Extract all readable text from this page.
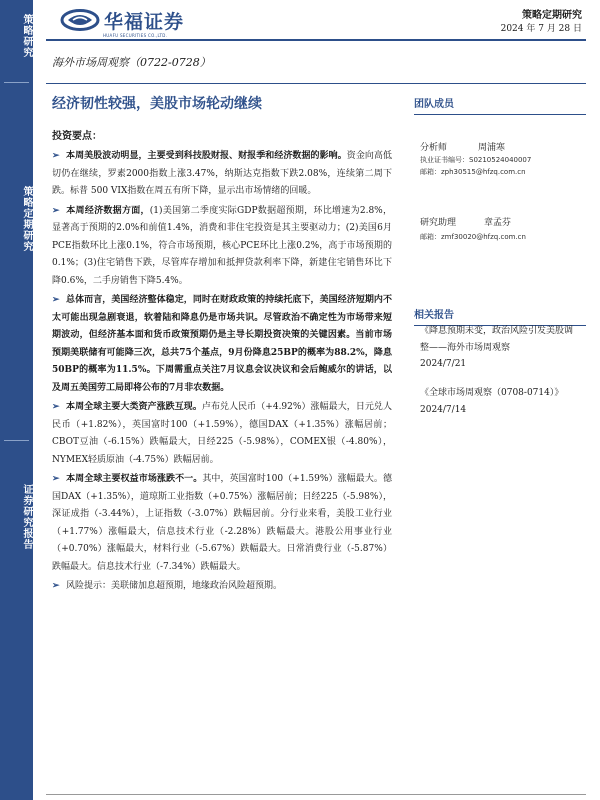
策略研究
策略定期研究
证券研究报告
华福证券
HUAFU SECURITIES CO.,LTD.
策略定期研究
2024 年 7 月 28 日
海外市场周观察（0722-0728）
经济韧性较强，美股市场轮动继续
投资要点：

➢ 本周美股波动明显，主要受到科技股财报、财报季和经济数据的影响。资金向高低切仍在继续，罗素2000指数上涨3.47%，纳斯达克指数下跌2.08%，连续第二周下跌。标普 500 VIX指数在周五有所下降，显示出市场情绪的回暖。

➢ 本周经济数据方面，(1)美国第二季度实际GDP数据超预期，环比增速为2.8%，显著高于预期的2.0%和前值1.4%，消费和非住宅投资是其主要驱动力；(2)美国6月PCE指数环比上涨0.1%，符合市场预期，核心PCE环比上涨0.2%，高于市场预期的0.1%；(3)住宅销售下跌，尽管库存增加和抵押贷款利率下降，新建住宅销售环比下降0.6%，二手房销售下降5.4%。

➢ 总体而言，美国经济整体稳定，同时在财政政策的持续托底下，美国经济短期内不太可能出现急剧衰退，软着陆和降息仍是市场共识。尽管政治不确定性为市场带来短期波动，但经济基本面和货币政策预期仍是主导长期投资决策的关键因素。当前市场预期美联储有可能降三次，总共75个基点，9月份降息25BP的概率为88.2%，降息50BP的概率为11.5%。下周需重点关注7月议息会议决议和会后鲍威尔的讲话，以及周五美国劳工局即将公布的7月非农数据。

➢ 本周全球主要大类资产涨跌互现。卢布兑人民币（+4.92%）涨幅最大，日元兑人民币（+1.82%），英国富时100（+1.59%），德国DAX（+1.35%）涨幅居前；CBOT豆油（-6.15%）跌幅最大，日经225（-5.98%），COMEX银（-4.80%），NYMEX轻质原油（-4.75%）跌幅居前。

➢ 本周全球主要权益市场涨跌不一。其中，英国富时100（+1.59%）涨幅最大。德国DAX（+1.35%），道琼斯工业指数（+0.75%）涨幅居前；日经225（-5.98%），深证成指（-3.44%），上证指数（-3.07%）跌幅居前。分行业来看，美股工业行业（+1.77%）涨幅最大，信息技术行业（-2.28%）跌幅最大。港股公用事业行业（+0.70%）涨幅最大，材料行业（-5.67%）跌幅最大。日常消费行业（-5.87%）跌幅最大。信息技术行业（-7.34%）跌幅最大。

➢ 风险提示：美联储加息超预期，地缘政治风险超预期。

团队成员
分析师	周浦寒
执业证书编号：S0210524040007
邮箱：zph30515@hfzq.com.cn
研究助理	章孟芬
邮箱：zmf30020@hfzq.com.cn
相关报告
《降息预期未变，政治风险引发美股调整——海外市场周观察
2024/7/21
《全球市场周观察（0708-0714）》
2024/7/14
